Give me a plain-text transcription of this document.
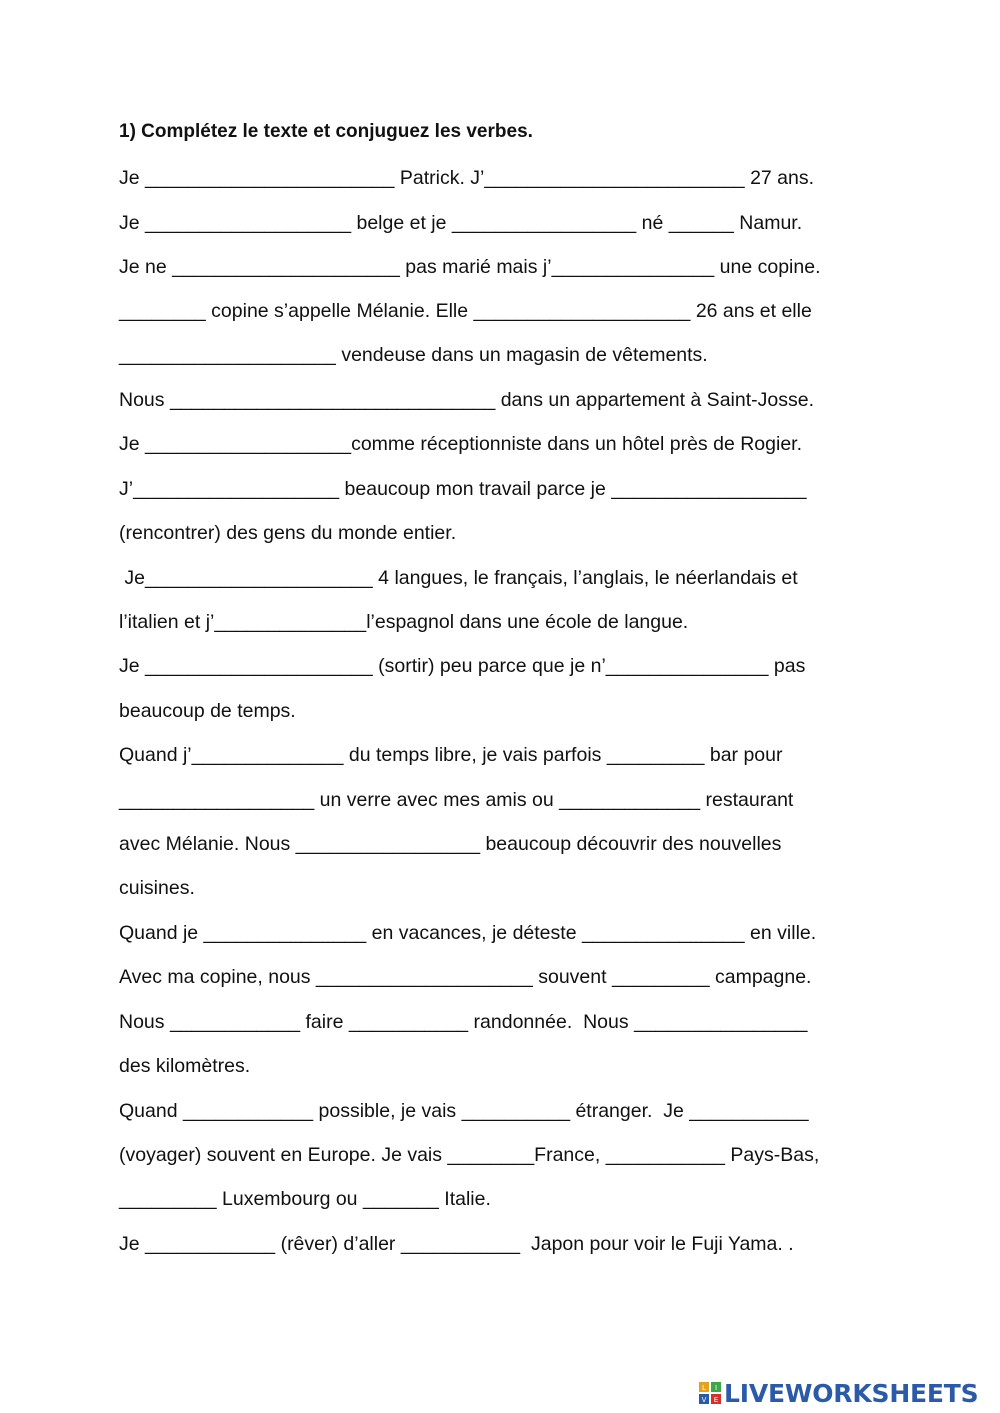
1) Complétez le texte et conjuguez les verbes.
Je _______________________ Patrick. J’________________________ 27 ans.
Je ___________________ belge et je _________________ né ______ Namur.
Je ne _____________________ pas marié mais j’_______________ une copine.
________ copine s’appelle Mélanie. Elle ____________________ 26 ans et elle
____________________ vendeuse dans un magasin de vêtements.
Nous ______________________________ dans un appartement à Saint-Josse.
Je ___________________comme réceptionniste dans un hôtel près de Rogier.
J’___________________ beaucoup mon travail parce je __________________
(rencontrer) des gens du monde entier.
Je_____________________ 4 langues, le français, l’anglais, le néerlandais et
l’italien et j’______________l’espagnol dans une école de langue.
Je _____________________ (sortir) peu parce que je n’_______________ pas
beaucoup de temps.
Quand j’______________ du temps libre, je vais parfois _________ bar pour
__________________ un verre avec mes amis ou _____________ restaurant
avec Mélanie. Nous _________________ beaucoup découvrir des nouvelles
cuisines.
Quand je _______________ en vacances, je déteste _______________ en ville.
Avec ma copine, nous ____________________ souvent _________ campagne.
Nous ____________ faire ___________ randonnée.  Nous ________________
des kilomètres.
Quand ____________ possible, je vais __________ étranger.  Je ___________
(voyager) souvent en Europe. Je vais ________France, ___________ Pays-Bas,
_________ Luxembourg ou _______ Italie.
Je ____________ (rêver) d’aller ___________  Japon pour voir le Fuji Yama. .
L I
V E LIVEWORKSHEETS
